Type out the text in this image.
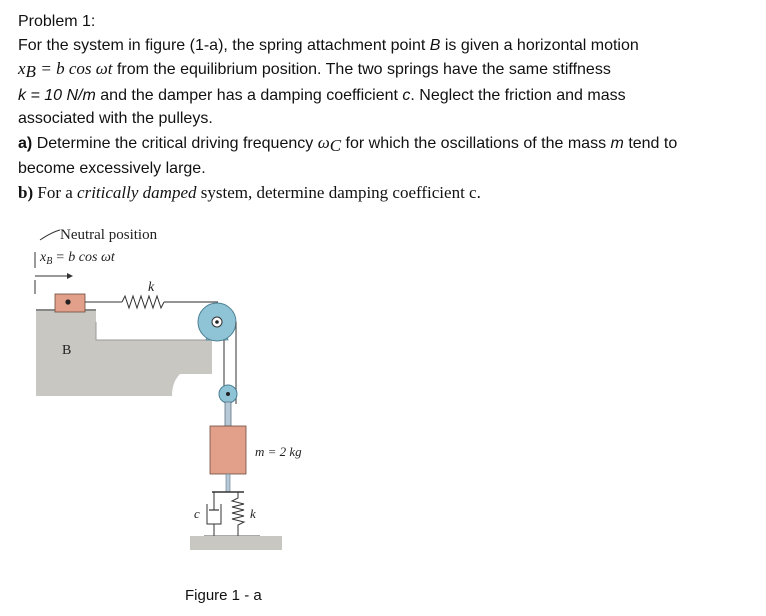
Problem 1:
For the system in figure (1-a), the spring attachment point B is given a horizontal motion
$x_B = b$ cos ωt from the equilibrium position. The two springs have the same stiffness
k = 10 N/m and the damper has a damping coefficient c. Neglect the friction and mass
associated with the pulleys.
a) Determine the critical driving frequency $\omega_C$ for which the oscillations of the mass m tend to
become excessively large.
b) For a critically damped system, determine damping coefficient c.
Neutral position
$x_B = b$ cos ωt
B
k
m = 2 kg
c	k
Figure 1 - a
